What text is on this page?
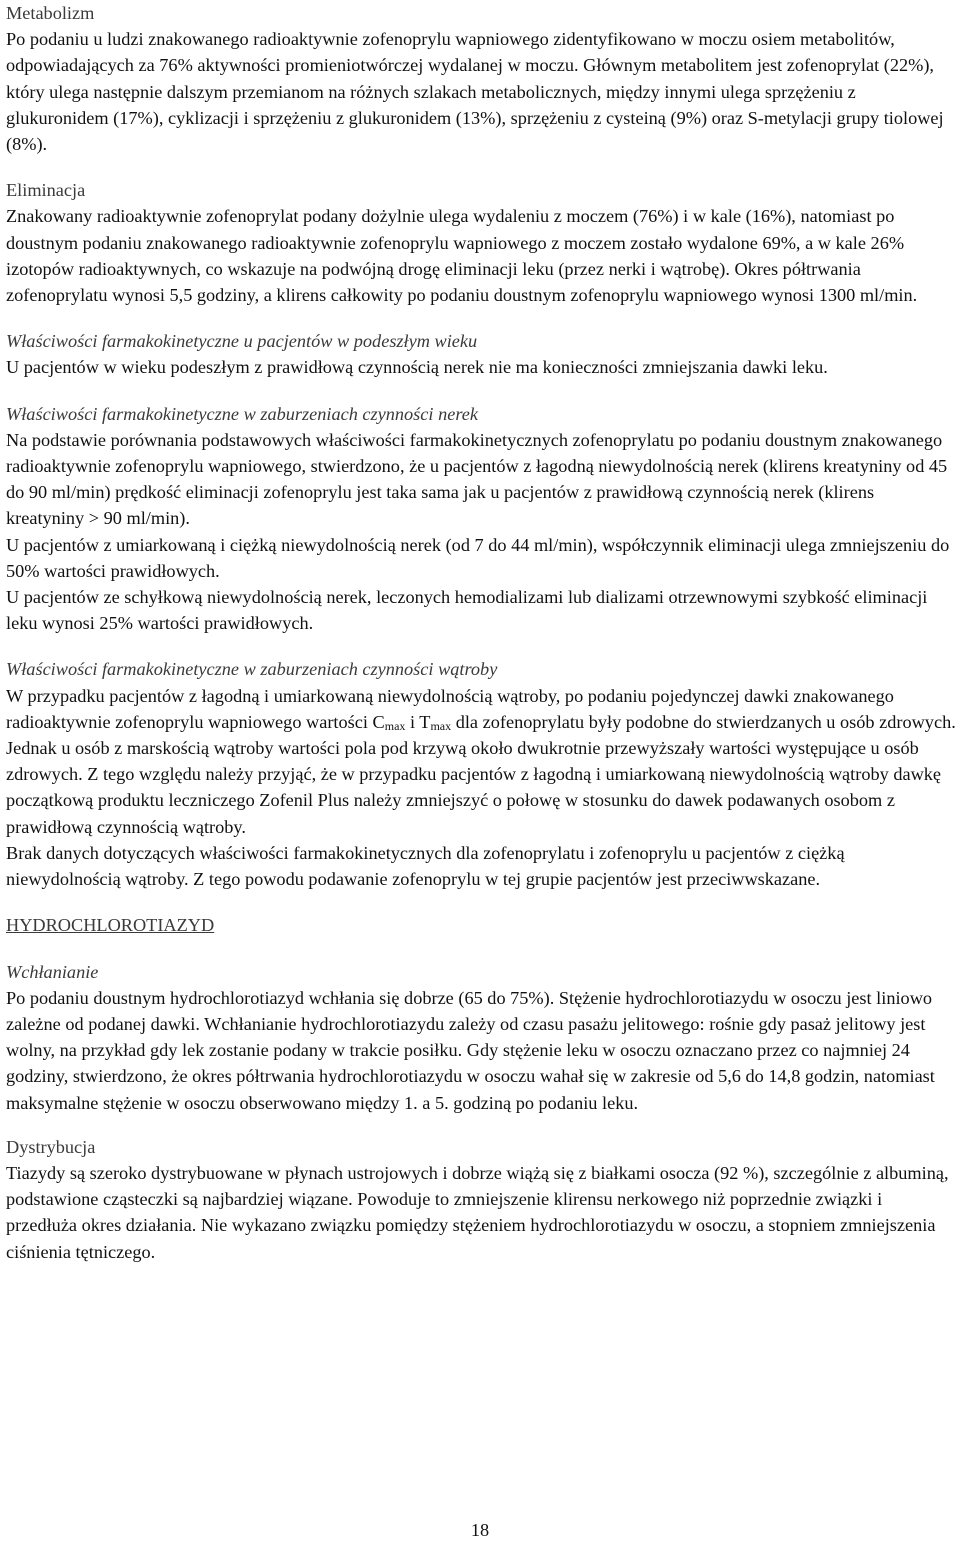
Metabolizm

Po podaniu u ludzi znakowanego radioaktywnie zofenoprylu wapniowego zidentyfikowano w moczu osiem metabolitów, odpowiadających za 76% aktywności promieniotwórczej wydalanej w moczu. Głównym metabolitem jest zofenoprylat (22%), który ulega następnie dalszym przemianom na różnych szlakach metabolicznych, między innymi ulega sprzężeniu z glukuronidem (17%), cyklizacji i sprzężeniu z glukuronidem (13%), sprzężeniu z cysteiną (9%) oraz S-metylacji grupy tiolowej (8%).

Eliminacja

Znakowany radioaktywnie zofenoprylat podany dożylnie ulega wydaleniu z moczem (76%) i w kale (16%), natomiast po doustnym podaniu znakowanego radioaktywnie zofenoprylu wapniowego z moczem zostało wydalone 69%, a w kale 26% izotopów radioaktywnych, co wskazuje na podwójną drogę eliminacji leku (przez nerki i wątrobę). Okres półtrwania zofenoprylatu wynosi 5,5 godziny, a klirens całkowity po podaniu doustnym zofenoprylu wapniowego wynosi 1300 ml/min.

Właściwości farmakokinetyczne u pacjentów w podeszłym wieku

U pacjentów w wieku podeszłym z prawidłową czynnością nerek nie ma konieczności zmniejszania dawki leku.

Właściwości farmakokinetyczne w zaburzeniach czynności nerek

Na podstawie porównania podstawowych właściwości farmakokinetycznych zofenoprylatu po podaniu doustnym znakowanego radioaktywnie zofenoprylu wapniowego, stwierdzono, że u pacjentów z łagodną niewydolnością nerek (klirens kreatyniny od 45 do 90 ml/min) prędkość eliminacji zofenoprylu jest taka sama jak u pacjentów z prawidłową czynnością nerek (klirens kreatyniny > 90 ml/min).

U pacjentów z umiarkowaną i ciężką niewydolnością nerek (od 7 do 44 ml/min), współczynnik eliminacji ulega zmniejszeniu do 50% wartości prawidłowych.

U pacjentów ze schyłkową niewydolnością nerek, leczonych hemodializami lub dializami otrzewnowymi szybkość eliminacji leku wynosi 25% wartości prawidłowych.

Właściwości farmakokinetyczne w zaburzeniach czynności wątroby

W przypadku pacjentów z łagodną i umiarkowaną niewydolnością wątroby, po podaniu pojedynczej dawki znakowanego radioaktywnie zofenoprylu wapniowego wartości $C_{max}$ i $T_{max}$ dla zofenoprylatu były podobne do stwierdzanych u osób zdrowych. Jednak u osób z marskością wątroby wartości pola pod krzywą około dwukrotnie przewyższały wartości występujące u osób zdrowych. Z tego względu należy przyjąć, że w przypadku pacjentów z łagodną i umiarkowaną niewydolnością wątroby dawkę początkową produktu leczniczego Zofenil Plus należy zmniejszyć o połowę w stosunku do dawek podawanych osobom z prawidłową czynnością wątroby.

Brak danych dotyczących właściwości farmakokinetycznych dla zofenoprylatu i zofenoprylu u pacjentów z ciężką niewydolnością wątroby. Z tego powodu podawanie zofenoprylu w tej grupie pacjentów jest przeciwwskazane.

HYDROCHLOROTIAZYD

Wchłanianie

Po podaniu doustnym hydrochlorotiazyd wchłania się dobrze (65 do 75%). Stężenie hydrochlorotiazydu w osoczu jest liniowo zależne od podanej dawki. Wchłanianie hydrochlorotiazydu zależy od czasu pasażu jelitowego: rośnie gdy pasaż jelitowy jest wolny, na przykład gdy lek zostanie podany w trakcie posiłku. Gdy stężenie leku w osoczu oznaczano przez co najmniej 24 godziny, stwierdzono, że okres półtrwania hydrochlorotiazydu w osoczu wahał się w zakresie od 5,6 do 14,8 godzin, natomiast maksymalne stężenie w osoczu obserwowano między 1. a 5. godziną po podaniu leku.

Dystrybucja

Tiazydy są szeroko dystrybuowane w płynach ustrojowych i dobrze wiążą się z białkami osocza (92 %), szczególnie z albuminą, podstawione cząsteczki są najbardziej wiązane. Powoduje to zmniejszenie klirensu nerkowego niż poprzednie związki i przedłuża okres działania. Nie wykazano związku pomiędzy stężeniem hydrochlorotiazydu w osoczu, a stopniem zmniejszenia ciśnienia tętniczego.

18
